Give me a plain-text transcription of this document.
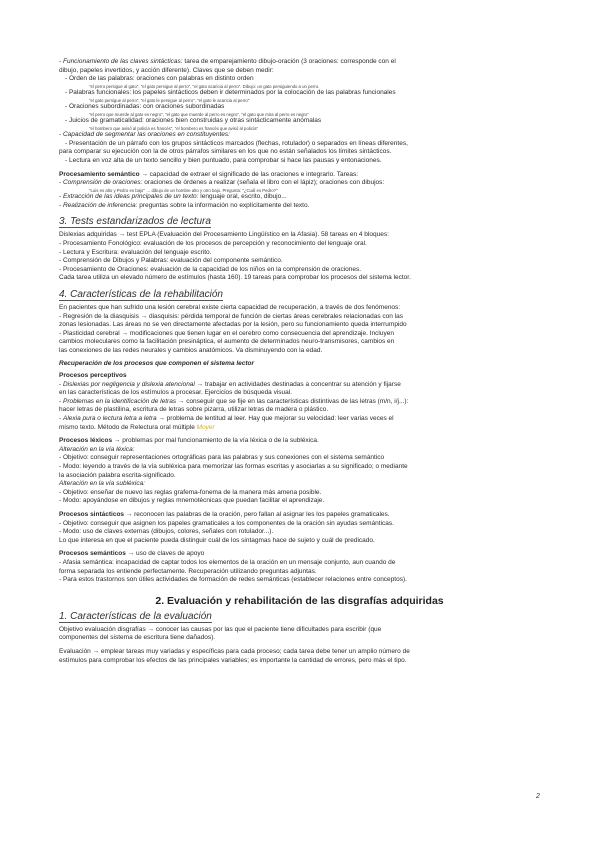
- Funcionamiento de las claves sintácticas: tarea de emparejamiento dibujo-oración (3 oraciones: corresponde con el

dibujo, papeles invertidos, y acción diferente). Claves que se deben medir:

- Orden de las palabras: oraciones con palabras en distinto orden

"el perro persigue al gato", "el gato persigue al perro", "el gato acaricia al perro". Dibujo: un gato persiguiendo a un perro.

- Palabras funcionales: los papeles sintácticos deben ir determinados por la colocación de las palabras funcionales

"el gato persigue al perro", "el gato le persigue al perro", "el gato le acaricia al perro"

- Oraciones subordinadas: con oraciones subordinadas

"el perro que muerde al gato es negro", "el gato que muerde al perro es negro", "el gato que mira al perro es negro"

- Juicios de gramaticalidad: oraciones bien construidas y otras sintácticamente anómalas

"el bombero que avisó al policía es francés", "el bombero es francés que avisó al policía"

- Capacidad de segmentar las oraciones en constituyentes:

- Presentación de un párrafo con los grupos sintácticos marcados (flechas, rotulador) o separados en líneas diferentes,

para comparar su ejecución con la de otros párrafos similares en los que no están señalados los límites sintácticos.

- Lectura en voz alta de un texto sencillo y bien puntuado, para comprobar si hace las pausas y entonaciones.

Procesamiento semántico → capacidad de extraer el significado de las oraciones e integrarlo. Tareas:

- Comprensión de oraciones: oraciones de órdenes a realizar (señala el libro con el lápiz); oraciones con dibujos:

"Luis es alto y Pedro es bajo" → dibujo de un hombre alto y otro bajo. Pregunta: "¿Cuál es Pedro?"

- Extracción de las ideas principales de un texto: lenguaje oral, escrito, dibujo...

- Realización de inferencia: preguntas sobre la información no explícitamente del texto.

3. Tests estandarizados de lectura

Dislexias adquiridas → test EPLA (Evaluación del Procesamiento Lingüístico en la Afasia). 58 tareas en 4 bloques:

- Procesamiento Fonológico: evaluación de los procesos de percepción y reconocimiento del lenguaje oral.

- Lectura y Escritura: evaluación del lenguaje escrito.

- Comprensión de Dibujos y Palabras: evaluación del componente semántico.

- Procesamiento de Oraciones: evaluación de la capacidad de los niños en la comprensión de oraciones.

Cada tarea utiliza un elevado número de estímulos (hasta 160). 19 tareas para comprobar los procesos del sistema lector.

4. Características de la rehabilitación

En pacientes que han sufrido una lesión cerebral existe cierta capacidad de recuperación, a través de dos fenómenos:

- Regresión de la diasquisis → diasquisis: pérdida temporal de función de ciertas áreas cerebrales relacionadas con las

zonas lesionadas. Las áreas no se ven directamente afectadas por la lesión, pero su funcionamiento queda interrumpido

- Plasticidad cerebral → modificaciones que tienen lugar en el cerebro como consecuencia del aprendizaje. Incluyen

cambios moleculares como la facilitación presináptica, el aumento de determinados neuro-transmisores, cambios en

las conexiones de las redes neurales y cambios anatómicos. Va disminuyendo con la edad.

Recuperación de los procesos que componen el sistema lector

Procesos perceptivos

- Dislexias por negligencia y dislexia atencional → trabajar en actividades destinadas a concentrar su atención y fijarse

en las características de los estímulos a procesar. Ejercicios de búsqueda visual.

- Problemas en la identificación de letras → conseguir que se fije en las características distintivas de las letras (m/n, i/j...):

hacer letras de plastilina, escritura de letras sobre pizarra, utilizar letras de madera o plástico.

- Alexia pura o lectura letra a letra → problema de lentitud al leer. Hay que mejorar su velocidad: leer varias veces el

mismo texto. Método de Relectura oral múltiple Moyer

Procesos léxicos → problemas por mal funcionamiento de la vía léxica o de la subléxica.

Alteración en la vía léxica:

- Objetivo: conseguir representaciones ortográficas para las palabras y sus conexiones con el sistema semántico

- Modo: leyendo a través de la vía subléxica para memorizar las formas escritas y asociarlas a su significado; o mediante

la asociación palabra escrita-significado.

Alteración en la vía subléxica:

- Objetivo: enseñar de nuevo las reglas grafema-fonema de la manera más amena posible.

- Modo: apoyándose en dibujos y reglas mnemotécnicas que puedan facilitar el aprendizaje.

Procesos sintácticos → reconocen las palabras de la oración, pero fallan al asignar les los papeles gramaticales.

- Objetivo: conseguir que asignen los papeles gramaticales a los componentes de la oración sin ayudas semánticas.

- Modo: uso de claves externas (dibujos, colores, señales con rotulador...).

Lo que interesa en que el paciente pueda distinguir cuál de los sintagmas hace de sujeto y cuál de predicado.

Procesos semánticos → uso de claves de apoyo

- Afasia semántica: incapacidad de captar todos los elementos de la oración en un mensaje conjunto, aun cuando de

forma separada los entiende perfectamente. Recuperación utilizando preguntas adjuntas.

- Para estos trastornos son útiles actividades de formación de redes semánticas (establecer relaciones entre conceptos).

2. Evaluación y rehabilitación de las disgrafías adquiridas
1. Características de la evaluación

Objetivo evaluación disgrafías → conocer las causas por las que el paciente tiene dificultades para escribir (que

componentes del sistema de escritura tiene dañados).

Evaluación → emplear tareas muy variadas y específicas para cada proceso; cada tarea debe tener un amplio número de

estímulos para comprobar los efectos de las principales variables; es importante la cantidad de errores, pero más el tipo.

2
